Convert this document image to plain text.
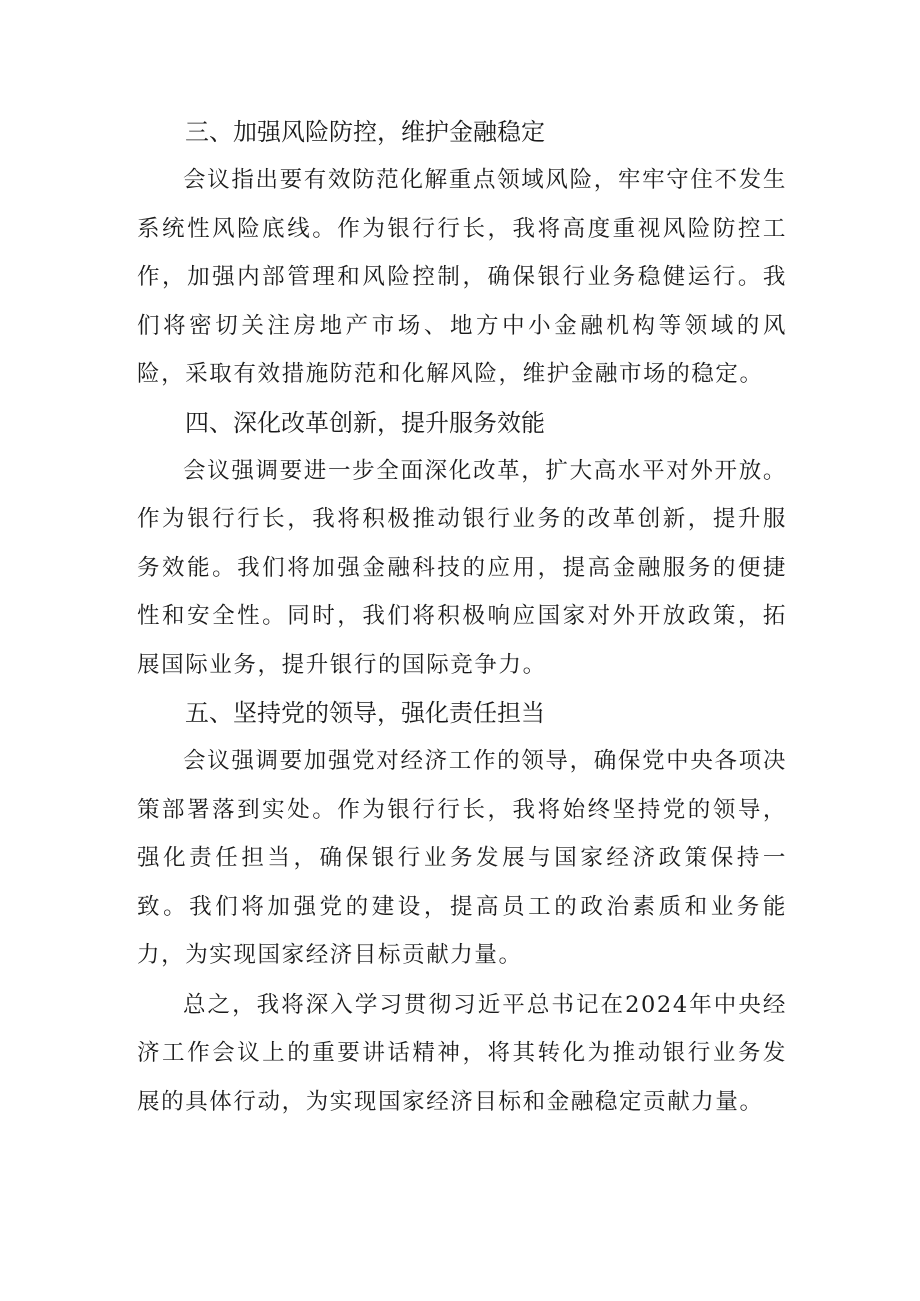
三、加强风险防控，维护金融稳定

会议指出要有效防范化解重点领域风险，牢牢守住不发生系统性风险底线。作为银行行长，我将高度重视风险防控工作，加强内部管理和风险控制，确保银行业务稳健运行。我们将密切关注房地产市场、地方中小金融机构等领域的风险，采取有效措施防范和化解风险，维护金融市场的稳定。

四、深化改革创新，提升服务效能

会议强调要进一步全面深化改革，扩大高水平对外开放。作为银行行长，我将积极推动银行业务的改革创新，提升服务效能。我们将加强金融科技的应用，提高金融服务的便捷性和安全性。同时，我们将积极响应国家对外开放政策，拓展国际业务，提升银行的国际竞争力。

五、坚持党的领导，强化责任担当

会议强调要加强党对经济工作的领导，确保党中央各项决策部署落到实处。作为银行行长，我将始终坚持党的领导，强化责任担当，确保银行业务发展与国家经济政策保持一致。我们将加强党的建设，提高员工的政治素质和业务能力，为实现国家经济目标贡献力量。

总之，我将深入学习贯彻习近平总书记在2024年中央经济工作会议上的重要讲话精神，将其转化为推动银行业务发展的具体行动，为实现国家经济目标和金融稳定贡献力量。
